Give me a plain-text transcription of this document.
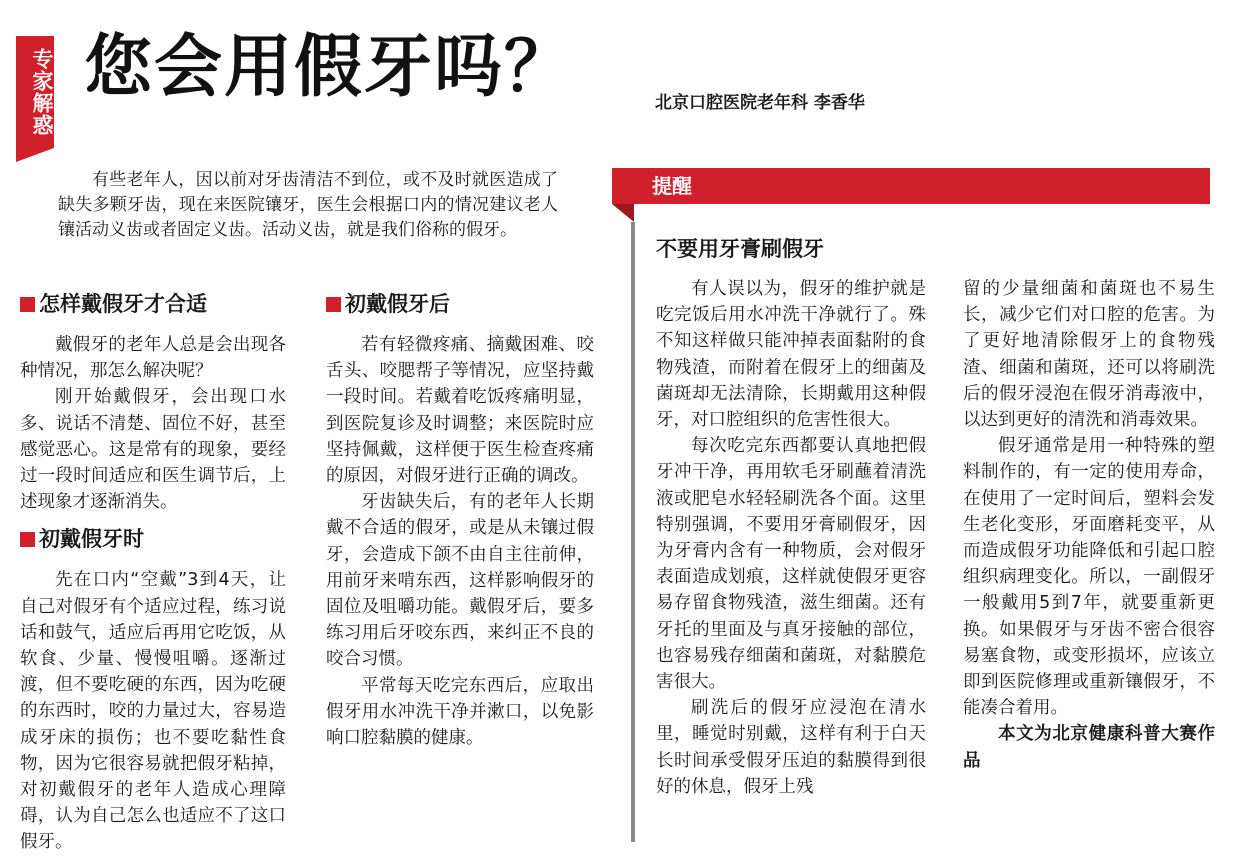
专家解惑 您会用假牙吗？	北京口腔医院老年科 李香华

有些老年人，因以前对牙齿清洁不到位，或不及时就医造成了缺失多颗牙齿，现在来医院镶牙，医生会根据口内的情况建议老人镶活动义齿或者固定义齿。活动义齿，就是我们俗称的假牙。

怎样戴假牙才合适

戴假牙的老年人总是会出现各种情况，那怎么解决呢？

刚开始戴假牙，会出现口水多、说话不清楚、固位不好，甚至感觉恶心。这是常有的现象，要经过一段时间适应和医生调节后，上述现象才逐渐消失。

初戴假牙时

先在口内“空戴”3到4天，让自己对假牙有个适应过程，练习说话和鼓气，适应后再用它吃饭，从软食、少量、慢慢咀嚼。逐渐过渡，但不要吃硬的东西，因为吃硬的东西时，咬的力量过大，容易造成牙床的损伤；也不要吃黏性食物，因为它很容易就把假牙粘掉，对初戴假牙的老年人造成心理障碍，认为自己怎么也适应不了这口假牙。

初戴假牙后

若有轻微疼痛、摘戴困难、咬舌头、咬腮帮子等情况，应坚持戴一段时间。若戴着吃饭疼痛明显，到医院复诊及时调整；来医院时应坚持佩戴，这样便于医生检查疼痛的原因，对假牙进行正确的调改。

牙齿缺失后，有的老年人长期戴不合适的假牙，或是从未镶过假牙，会造成下颌不由自主往前伸，用前牙来啃东西，这样影响假牙的固位及咀嚼功能。戴假牙后，要多练习用后牙咬东西，来纠正不良的咬合习惯。

平常每天吃完东西后，应取出假牙用水冲洗干净并漱口，以免影响口腔黏膜的健康。

提醒
不要用牙膏刷假牙

有人误以为，假牙的维护就是吃完饭后用水冲洗干净就行了。殊不知这样做只能冲掉表面黏附的食物残渣，而附着在假牙上的细菌及菌斑却无法清除，长期戴用这种假牙，对口腔组织的危害性很大。

每次吃完东西都要认真地把假牙冲干净，再用软毛牙刷蘸着清洗液或肥皂水轻轻刷洗各个面。这里特别强调，不要用牙膏刷假牙，因为牙膏内含有一种物质，会对假牙表面造成划痕，这样就使假牙更容易存留食物残渣，滋生细菌。还有牙托的里面及与真牙接触的部位，也容易残存细菌和菌斑，对黏膜危害很大。

刷洗后的假牙应浸泡在清水里，睡觉时别戴，这样有利于白天长时间承受假牙压迫的黏膜得到很好的休息，假牙上残

留的少量细菌和菌斑也不易生长，减少它们对口腔的危害。为了更好地清除假牙上的食物残渣、细菌和菌斑，还可以将刷洗后的假牙浸泡在假牙消毒液中，以达到更好的清洗和消毒效果。

假牙通常是用一种特殊的塑料制作的，有一定的使用寿命，在使用了一定时间后，塑料会发生老化变形，牙面磨耗变平，从而造成假牙功能降低和引起口腔组织病理变化。所以，一副假牙一般戴用5到7年，就要重新更换。如果假牙与牙齿不密合很容易塞食物，或变形损坏，应该立即到医院修理或重新镶假牙，不能凑合着用。

本文为北京健康科普大赛作品
